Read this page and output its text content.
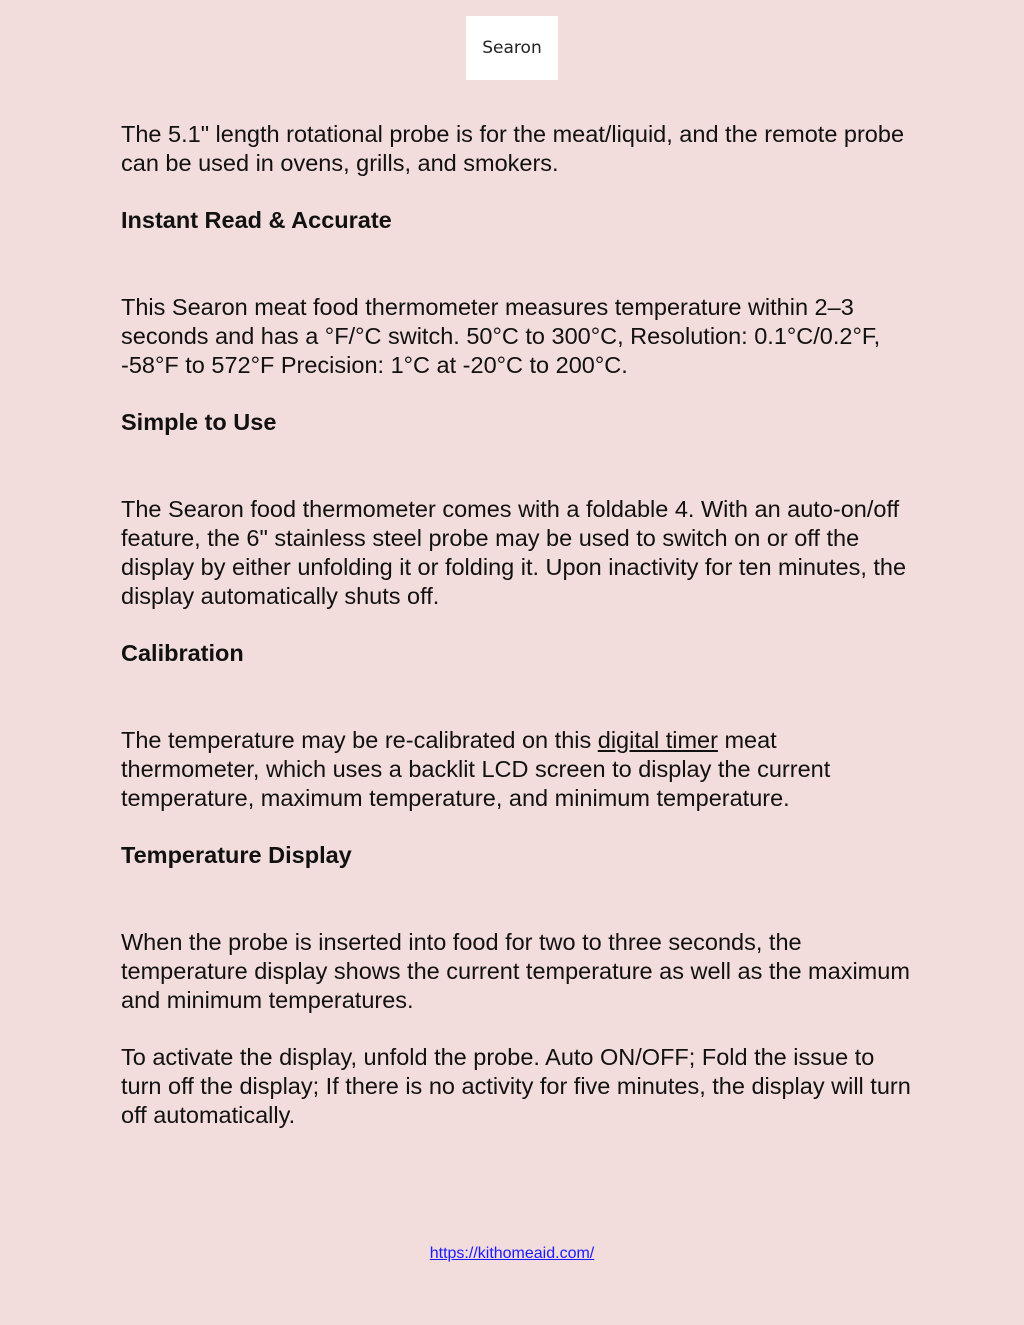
Searon

The 5.1" length rotational probe is for the meat/liquid, and the remote probe can be used in ovens, grills, and smokers.

Instant Read & Accurate

This Searon meat food thermometer measures temperature within 2–3 seconds and has a °F/°C switch. 50°C to 300°C, Resolution: 0.1°C/0.2°F, -58°F to 572°F Precision: 1°C at -20°C to 200°C.

Simple to Use

The Searon food thermometer comes with a foldable 4. With an auto-on/off feature, the 6" stainless steel probe may be used to switch on or off the display by either unfolding it or folding it. Upon inactivity for ten minutes, the display automatically shuts off.

Calibration

The temperature may be re-calibrated on this digital timer meat thermometer, which uses a backlit LCD screen to display the current temperature, maximum temperature, and minimum temperature.

Temperature Display

When the probe is inserted into food for two to three seconds, the temperature display shows the current temperature as well as the maximum and minimum temperatures.

To activate the display, unfold the probe. Auto ON/OFF; Fold the issue to turn off the display; If there is no activity for five minutes, the display will turn off automatically.

https://kithomeaid.com/
